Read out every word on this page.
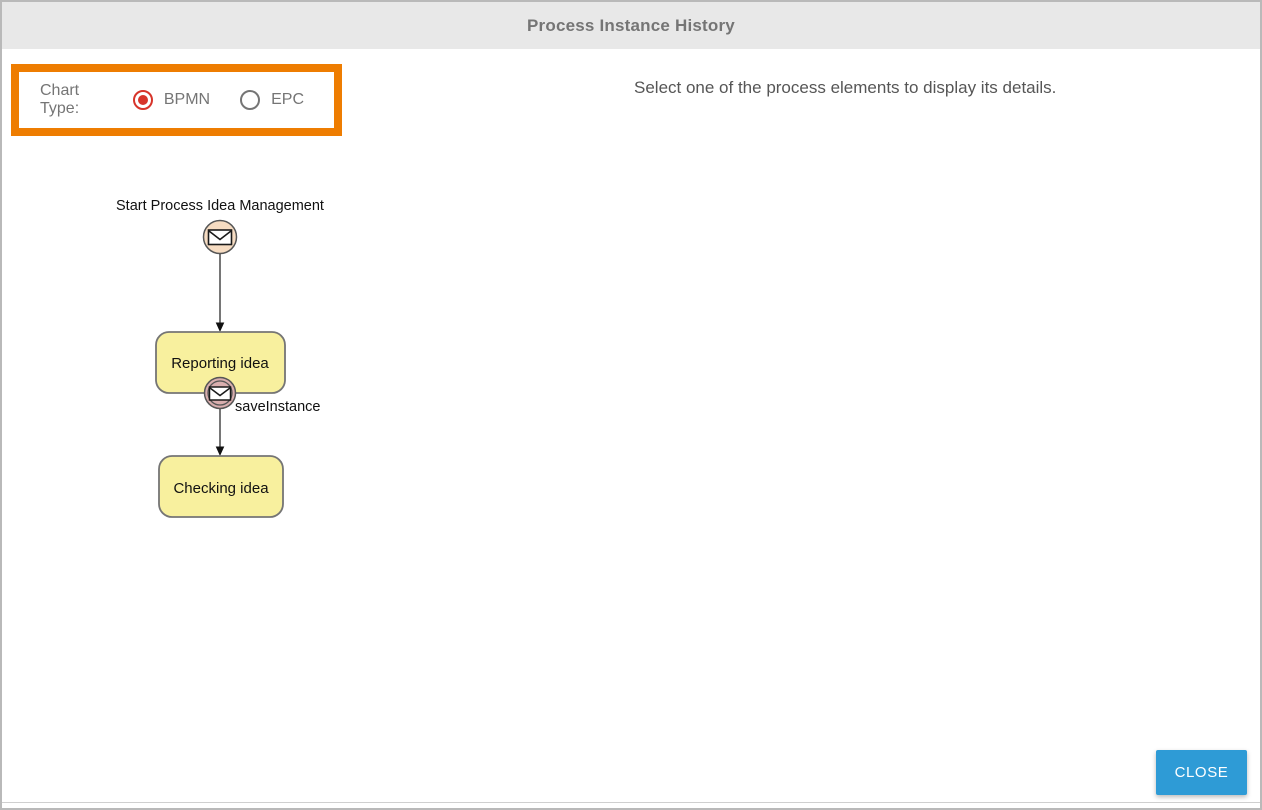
Process Instance History
Chart Type:
BPMN	EPC
Select one of the process elements to display its details.
Start Process Idea Management
Reporting idea
saveInstance
Checking idea
CLOSE
